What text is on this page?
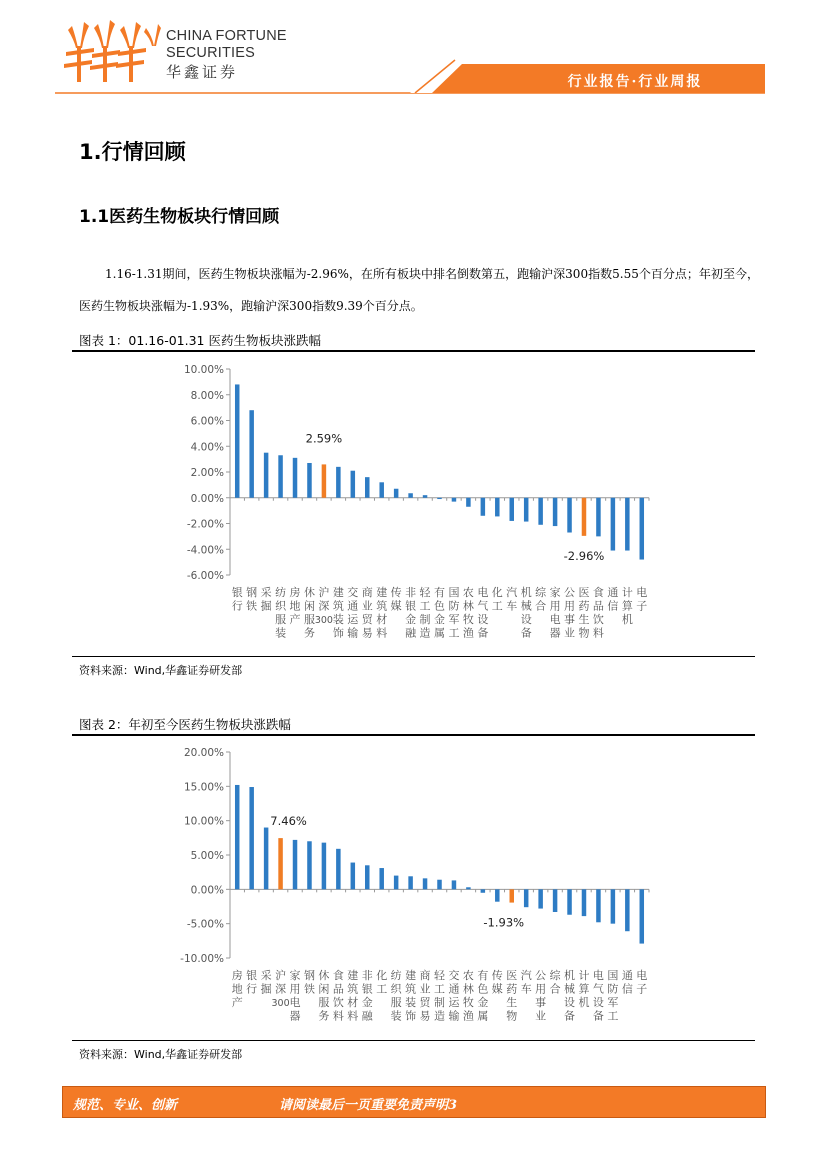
CHINA FORTUNE
SECURITIES
华鑫证券
行业报告·行业周报
1.行情回顾
1.1医药生物板块行情回顾
1.16-1.31期间，医药生物板块涨幅为-2.96%，在所有板块中排名倒数第五，跑输沪深300指数5.55个百分点；年初至今，医药生物板块涨幅为-1.93%，跑输沪深300指数9.39个百分点。
图表 1：01.16-01.31 医药生物板块涨跌幅
10.00%
8.00%
6.00%
4.00%
2.00%
0.00%
-2.00%
-4.00%
-6.00%
银行
钢铁
采掘
纺织服装
房地产
休闲服务
沪深 300
2.59%
建筑装饰
交通运输
商业贸易
建筑材料
传媒
非银金融
轻工制造
有色金属
国防军工
农林牧渔
电气设备
化工
汽车
机械设备
综合
家用电器
公用事业
医药生物
-2.96%
食品饮料
通信
计算机
电子
资料来源：Wind,华鑫证券研发部
图表 2：年初至今医药生物板块涨跌幅
20.00%
15.00%
10.00%
5.00%
0.00%
-5.00%
-10.00%
房地产
银行
采掘
沪深 300
7.46%
家用电器
钢铁
休闲服务
食品饮料
建筑材料
非银金融
化工
纺织服装
建筑装饰
商业贸易
轻工制造
交通运输
农林牧渔
有色金属
传媒
医药生物
-1.93%
汽车
公用事业
综合
机械设备
计算机
电气设备
国防军工
通信
电子
资料来源：Wind,华鑫证券研发部
规范、专业、创新	请阅读最后一页重要免责声明3
